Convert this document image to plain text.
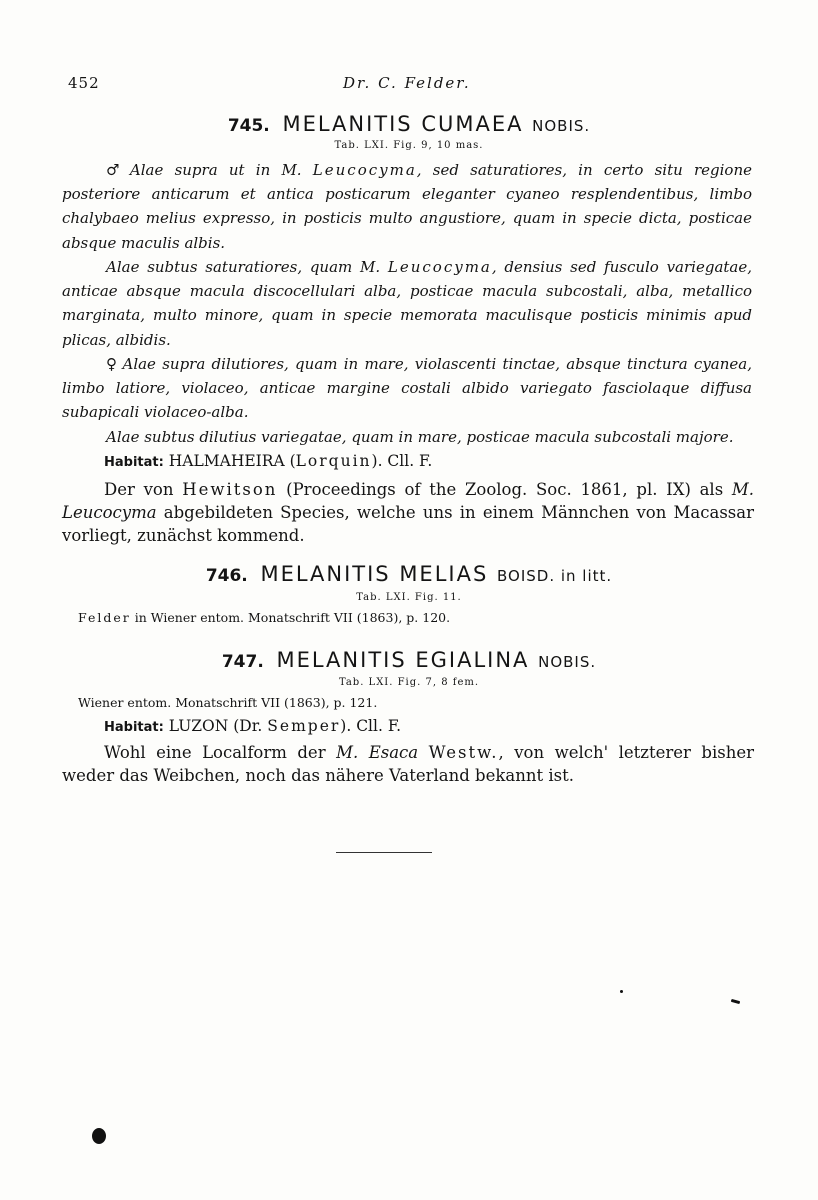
452	Dr. C. Felder.
745. MELANITIS CUMAEA NOBIS.
Tab. LXI. Fig. 9, 10 mas.

♂ Alae supra ut in M. Leucocyma, sed saturatiores, in certo situ regione posteriore anticarum et antica posticarum eleganter cyaneo resplendentibus, limbo chalybaeo melius expresso, in posticis multo angustiore, quam in specie dicta, posticae absque maculis albis.

Alae subtus saturatiores, quam M. Leucocyma, densius sed fusculo variegatae, anticae absque macula discocellulari alba, posticae macula subcostali, alba, metallico marginata, multo minore, quam in specie memorata maculisque posticis minimis apud plicas, albidis.

♀ Alae supra dilutiores, quam in mare, violascenti tinctae, absque tinctura cyanea, limbo latiore, violaceo, anticae margine costali albido variegato fasciolaque diffusa subapicali violaceo-alba.

Alae subtus dilutius variegatae, quam in mare, posticae macula subcostali majore.

Habitat: HALMAHEIRA (Lorquin). Cll. F.

Der von Hewitson (Proceedings of the Zoolog. Soc. 1861, pl. IX) als M. Leucocyma abgebildeten Species, welche uns in einem Männchen von Macassar vorliegt, zunächst kommend.

746. MELANITIS MELIAS BOISD. in litt.
Tab. LXI. Fig. 11.

Felder in Wiener entom. Monatschrift VII (1863), p. 120.

747. MELANITIS EGIALINA NOBIS.
Tab. LXI. Fig. 7, 8 fem.

Wiener entom. Monatschrift VII (1863), p. 121.

Habitat: LUZON (Dr. Semper). Cll. F.

Wohl eine Localform der M. Esaca Westw., von welch' letzterer bisher weder das Weibchen, noch das nähere Vaterland bekannt ist.
